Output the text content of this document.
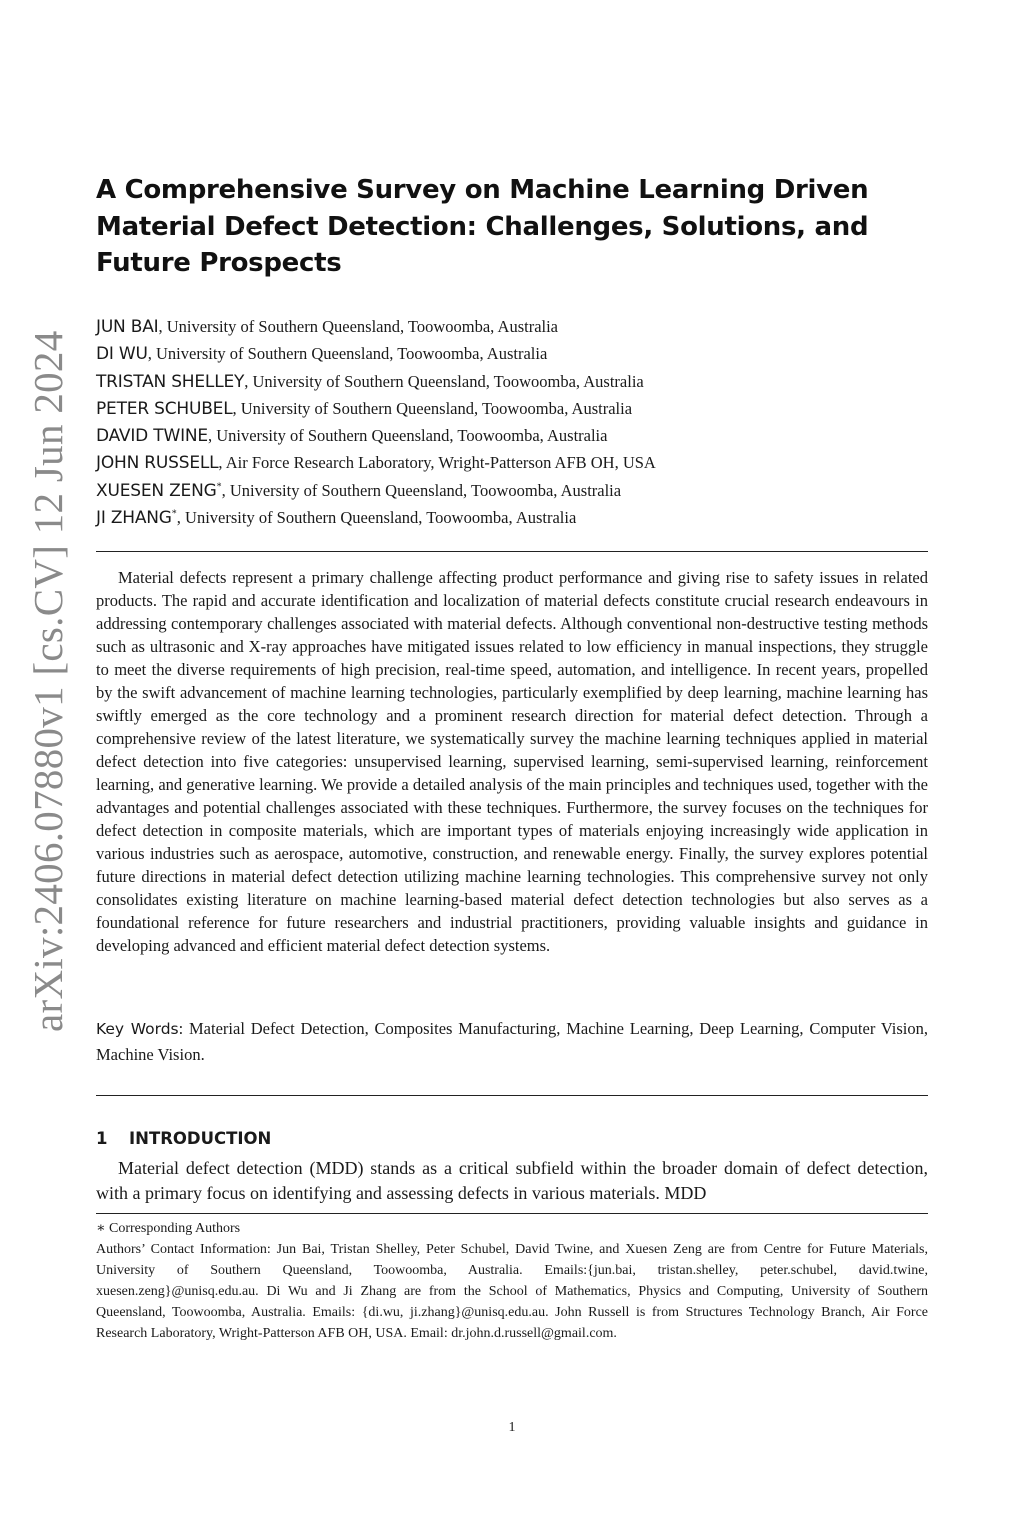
arXiv:2406.07880v1 [cs.CV] 12 Jun 2024
A Comprehensive Survey on Machine Learning Driven Material Defect Detection: Challenges, Solutions, and Future Prospects
JUN BAI, University of Southern Queensland, Toowoomba, Australia
DI WU, University of Southern Queensland, Toowoomba, Australia
TRISTAN SHELLEY, University of Southern Queensland, Toowoomba, Australia
PETER SCHUBEL, University of Southern Queensland, Toowoomba, Australia
DAVID TWINE, University of Southern Queensland, Toowoomba, Australia
JOHN RUSSELL, Air Force Research Laboratory, Wright-Patterson AFB OH, USA
XUESEN ZENG*, University of Southern Queensland, Toowoomba, Australia
JI ZHANG*, University of Southern Queensland, Toowoomba, Australia

Material defects represent a primary challenge affecting product performance and giving rise to safety issues in related products. The rapid and accurate identification and localization of material defects constitute crucial research endeavours in addressing contemporary challenges associated with material defects. Although conventional non-destructive testing methods such as ultrasonic and X-ray approaches have mitigated issues related to low efficiency in manual inspections, they struggle to meet the diverse requirements of high precision, real-time speed, automation, and intelligence. In recent years, propelled by the swift advancement of machine learning technologies, particularly exemplified by deep learning, machine learning has swiftly emerged as the core technology and a prominent research direction for material defect detection. Through a comprehensive review of the latest literature, we systematically survey the machine learning techniques applied in material defect detection into five categories: unsupervised learning, supervised learning, semi-supervised learning, reinforcement learning, and generative learning. We provide a detailed analysis of the main principles and techniques used, together with the advantages and potential challenges associated with these techniques. Furthermore, the survey focuses on the techniques for defect detection in composite materials, which are important types of materials enjoying increasingly wide application in various industries such as aerospace, automotive, construction, and renewable energy. Finally, the survey explores potential future directions in material defect detection utilizing machine learning technologies. This comprehensive survey not only consolidates existing literature on machine learning-based material defect detection technologies but also serves as a foundational reference for future researchers and industrial practitioners, providing valuable insights and guidance in developing advanced and efficient material defect detection systems.

Key Words: Material Defect Detection, Composites Manufacturing, Machine Learning, Deep Learning, Computer Vision, Machine Vision.

1 INTRODUCTION

Material defect detection (MDD) stands as a critical subfield within the broader domain of defect detection, with a primary focus on identifying and assessing defects in various materials. MDD

∗ Corresponding Authors

Authors’ Contact Information: Jun Bai, Tristan Shelley, Peter Schubel, David Twine, and Xuesen Zeng are from Centre for Future Materials, University of Southern Queensland, Toowoomba, Australia. Emails:{jun.bai, tristan.shelley, peter.schubel, david.twine, xuesen.zeng}@unisq.edu.au. Di Wu and Ji Zhang are from the School of Mathematics, Physics and Computing, University of Southern Queensland, Toowoomba, Australia. Emails: {di.wu, ji.zhang}@unisq.edu.au. John Russell is from Structures Technology Branch, Air Force Research Laboratory, Wright-Patterson AFB OH, USA. Email: dr.john.d.russell@gmail.com.

1
